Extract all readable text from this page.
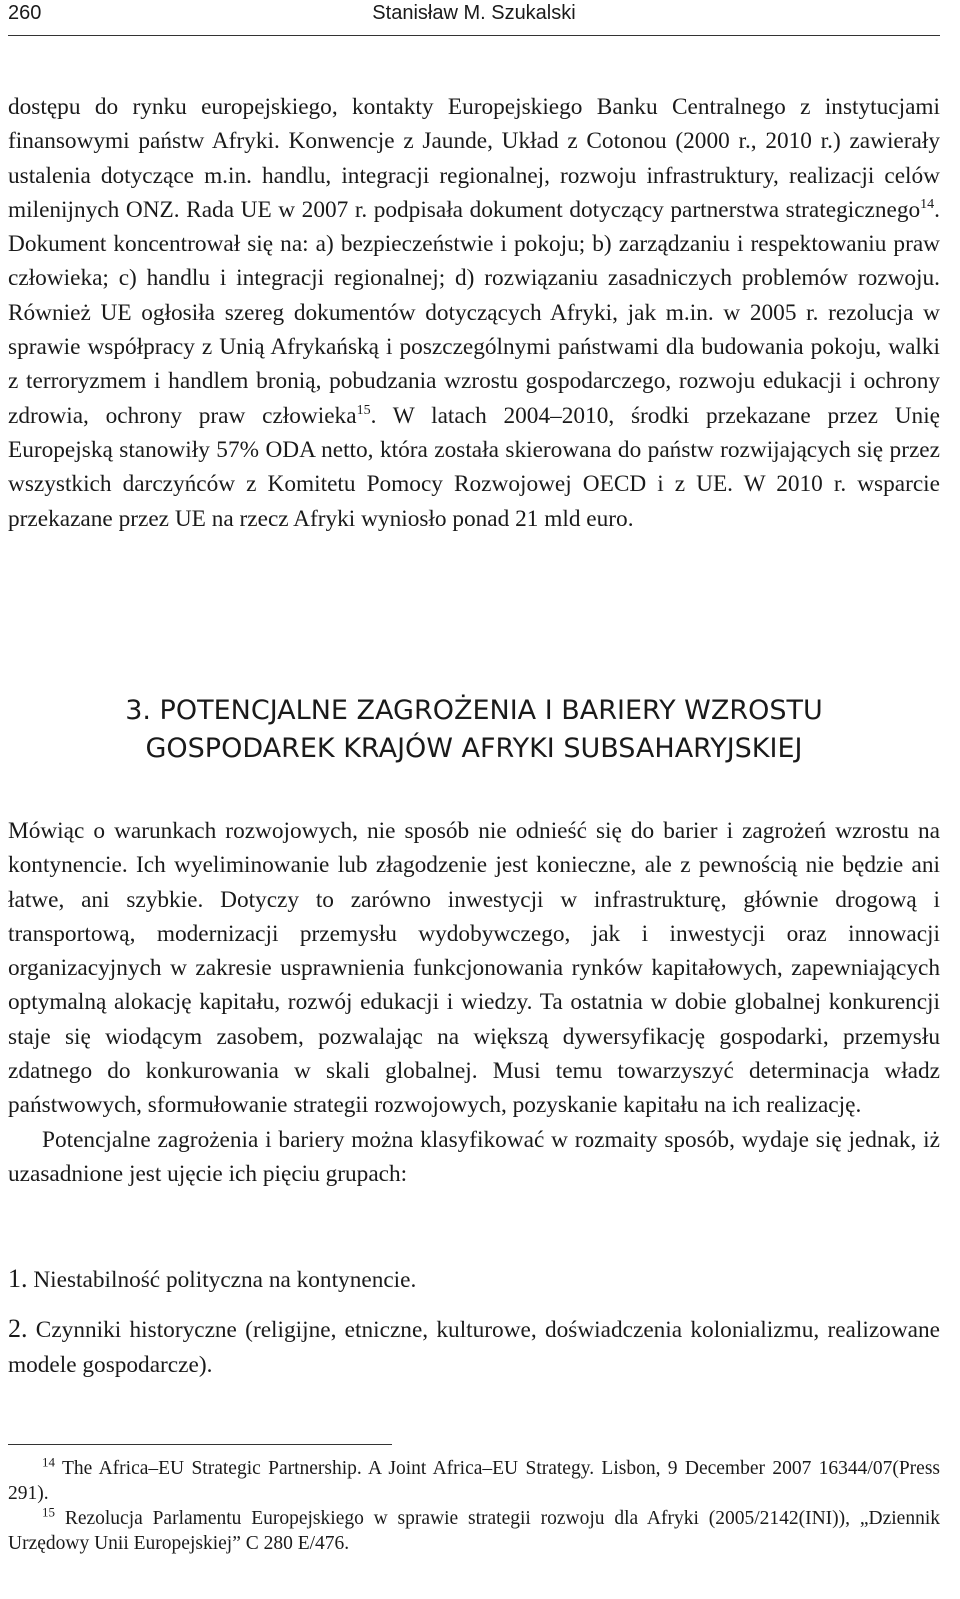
260	Stanisław M. Szukalski

dostępu do rynku europejskiego, kontakty Europejskiego Banku Centralnego z instytucjami finansowymi państw Afryki. Konwencje z Jaunde, Układ z Cotonou (2000 r., 2010 r.) zawierały ustalenia dotyczące m.in. handlu, integracji regionalnej, rozwoju infrastruktury, realizacji celów milenijnych ONZ. Rada UE w 2007 r. podpisała dokument dotyczący partnerstwa strategicznego$^{14}$. Dokument koncentrował się na: a) bezpieczeństwie i pokoju; b) zarządzaniu i respektowaniu praw człowieka; c) handlu i integracji regionalnej; d) rozwiązaniu zasadniczych problemów rozwoju. Również UE ogłosiła szereg dokumentów dotyczących Afryki, jak m.in. w 2005 r. rezolucja w sprawie współpracy z Unią Afrykańską i poszczególnymi państwami dla budowania pokoju, walki z terroryzmem i handlem bronią, pobudzania wzrostu gospodarczego, rozwoju edukacji i ochrony zdrowia, ochrony praw człowieka$^{15}$. W latach 2004–2010, środki przekazane przez Unię Europejską stanowiły 57% ODA netto, która została skierowana do państw rozwijających się przez wszystkich darczyńców z Komitetu Pomocy Rozwojowej OECD i z UE. W 2010 r. wsparcie przekazane przez UE na rzecz Afryki wyniosło ponad 21 mld euro.

3. POTENCJALNE ZAGROŻENIA I BARIERY WZROSTU
GOSPODAREK KRAJÓW AFRYKI SUBSAHARYJSKIEJ

Mówiąc o warunkach rozwojowych, nie sposób nie odnieść się do barier i zagrożeń wzrostu na kontynencie. Ich wyeliminowanie lub złagodzenie jest konieczne, ale z pewnością nie będzie ani łatwe, ani szybkie. Dotyczy to zarówno inwestycji w infrastrukturę, głównie drogową i transportową, modernizacji przemysłu wydobywczego, jak i inwestycji oraz innowacji organizacyjnych w zakresie usprawnienia funkcjonowania rynków kapitałowych, zapewniających optymalną alokację kapitału, rozwój edukacji i wiedzy. Ta ostatnia w dobie globalnej konkurencji staje się wiodącym zasobem, pozwalając na większą dywersyfikację gospodarki, przemysłu zdatnego do konkurowania w skali globalnej. Musi temu towarzyszyć determinacja władz państwowych, sformułowanie strategii rozwojowych, pozyskanie kapitału na ich realizację.

Potencjalne zagrożenia i bariery można klasyfikować w rozmaity sposób, wydaje się jednak, iż uzasadnione jest ujęcie ich pięciu grupach:

1. Niestabilność polityczna na kontynencie.
2. Czynniki historyczne (religijne, etniczne, kulturowe, doświadczenia kolonializmu, realizowane modele gospodarcze).

$^{14}$ The Africa–EU Strategic Partnership. A Joint Africa–EU Strategy. Lisbon, 9 December 2007 16344/07(Press 291).

$^{15}$ Rezolucja Parlamentu Europejskiego w sprawie strategii rozwoju dla Afryki (2005/2142(INI)), „Dziennik Urzędowy Unii Europejskiej” C 280 E/476.
